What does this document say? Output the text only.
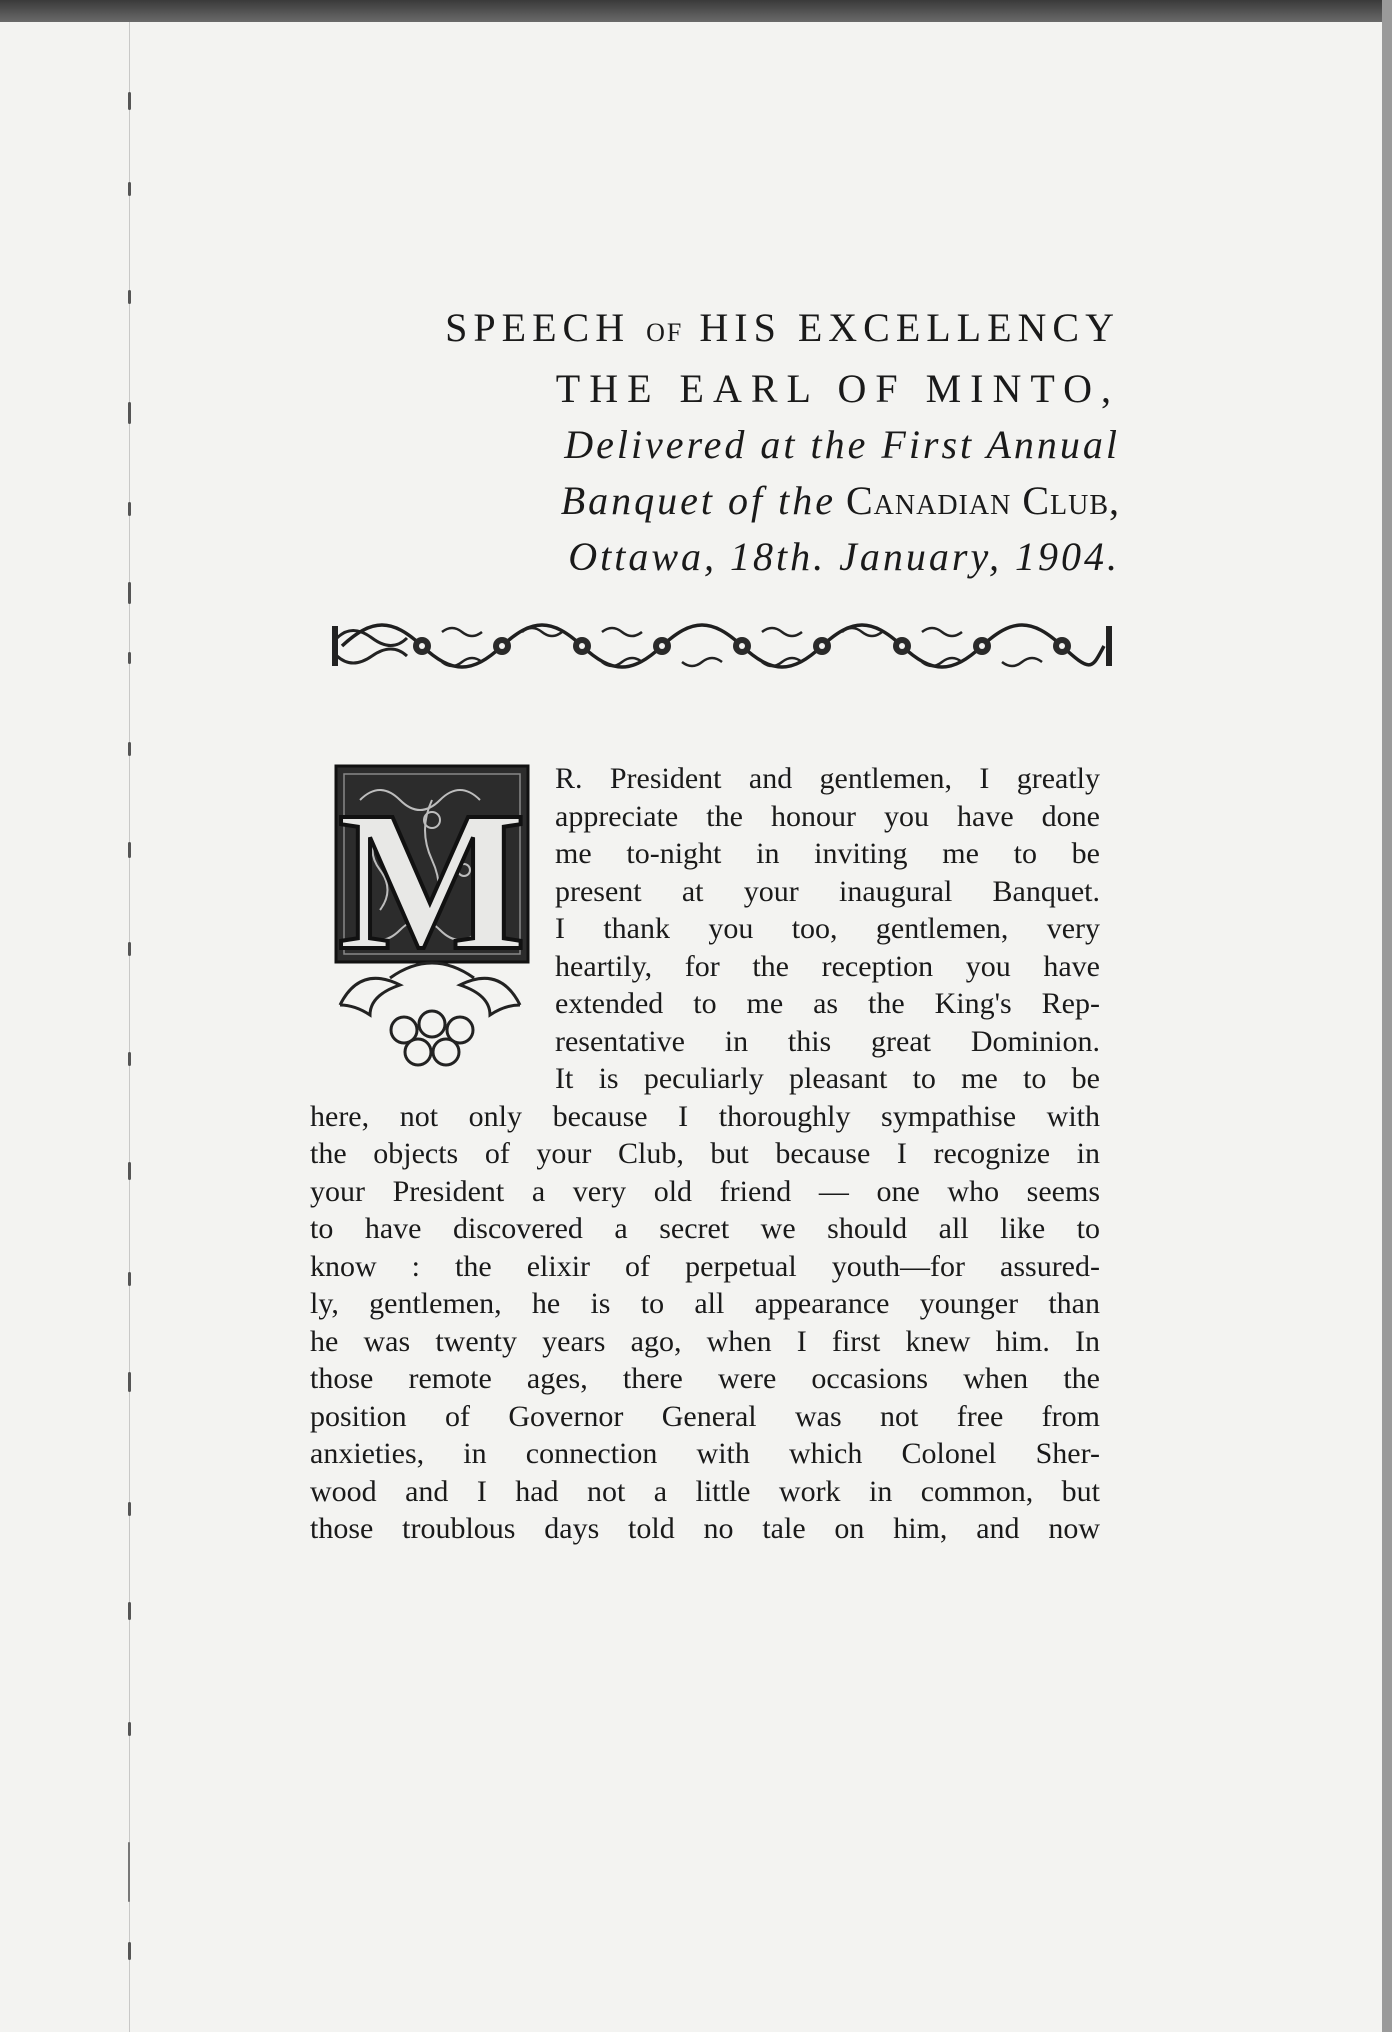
SPEECH OF HIS EXCELLENCY
THE EARL OF MINTO,
Delivered at the First Annual
Banquet of the Canadian Club,
Ottawa, 18th. January, 1904.
M R. President and gentlemen, I greatly
appreciate the honour you have done
me to-night in inviting me to be
present at your inaugural Banquet.
I thank you too, gentlemen, very
heartily, for the reception you have
extended to me as the King's Rep-
resentative in this great Dominion.
It is peculiarly pleasant to me to be
here, not only because I thoroughly sympathise with
the objects of your Club, but because I recognize in
your President a very old friend — one who seems
to have discovered a secret we should all like to
know : the elixir of perpetual youth—for assured-
ly, gentlemen, he is to all appearance younger than
he was twenty years ago, when I first knew him. In
those remote ages, there were occasions when the
position of Governor General was not free from
anxieties, in connection with which Colonel Sher-
wood and I had not a little work in common, but
those troublous days told no tale on him, and now
